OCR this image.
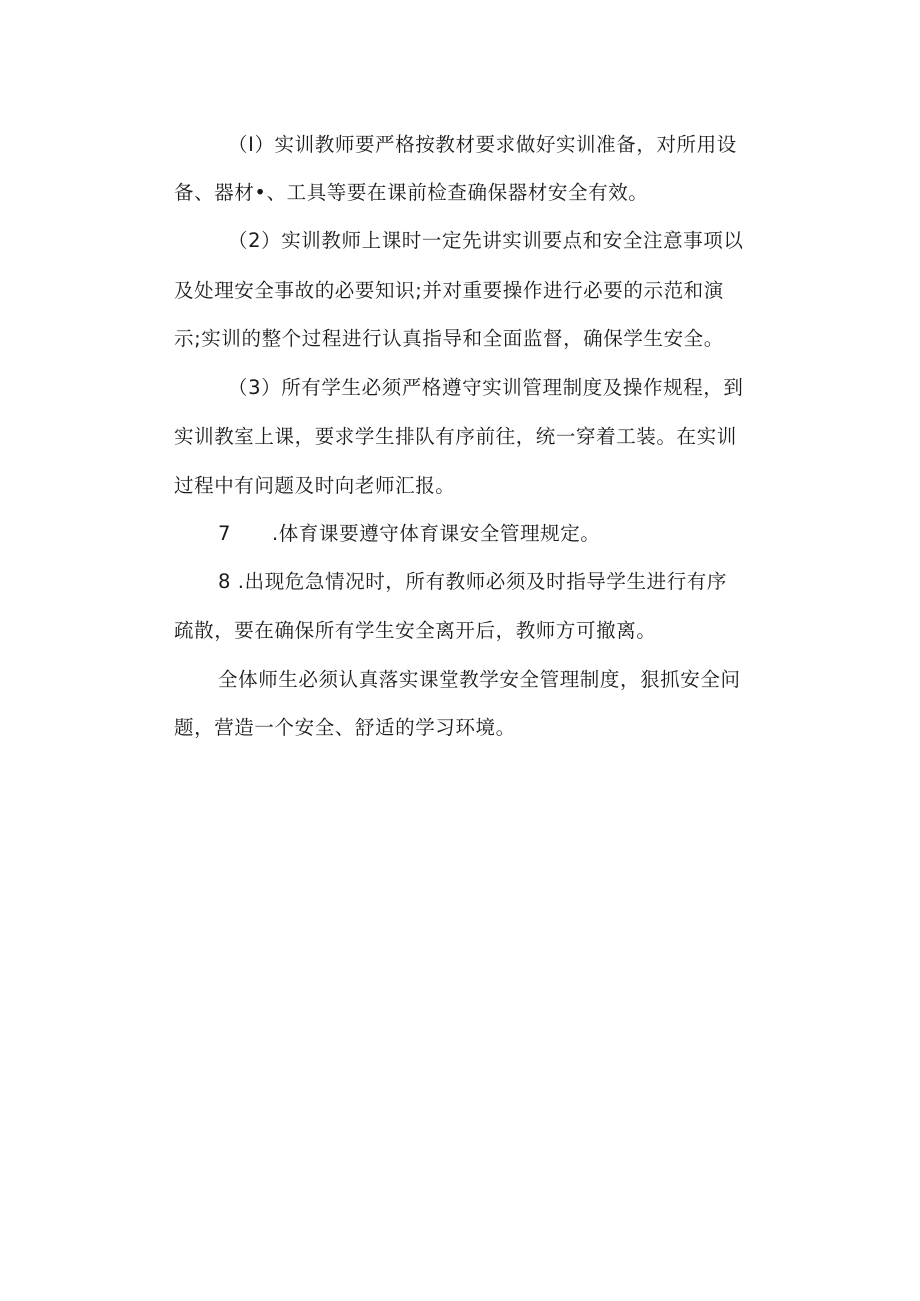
（I）实训教师要严格按教材要求做好实训准备，对所用设
备、器材•、工具等要在课前检查确保器材安全有效。
（2）实训教师上课时一定先讲实训要点和安全注意事项以
及处理安全事故的必要知识;并对重要操作进行必要的示范和演
示;实训的整个过程进行认真指导和全面监督，确保学生安全。
（3）所有学生必须严格遵守实训管理制度及操作规程，到
实训教室上课，要求学生排队有序前往，统一穿着工装。在实训
过程中有问题及时向老师汇报。
7 .体育课要遵守体育课安全管理规定。
8 .出现危急情况时，所有教师必须及时指导学生进行有序
疏散，要在确保所有学生安全离开后，教师方可撤离。
全体师生必须认真落实课堂教学安全管理制度，狠抓安全问
题，营造一个安全、舒适的学习环境。
